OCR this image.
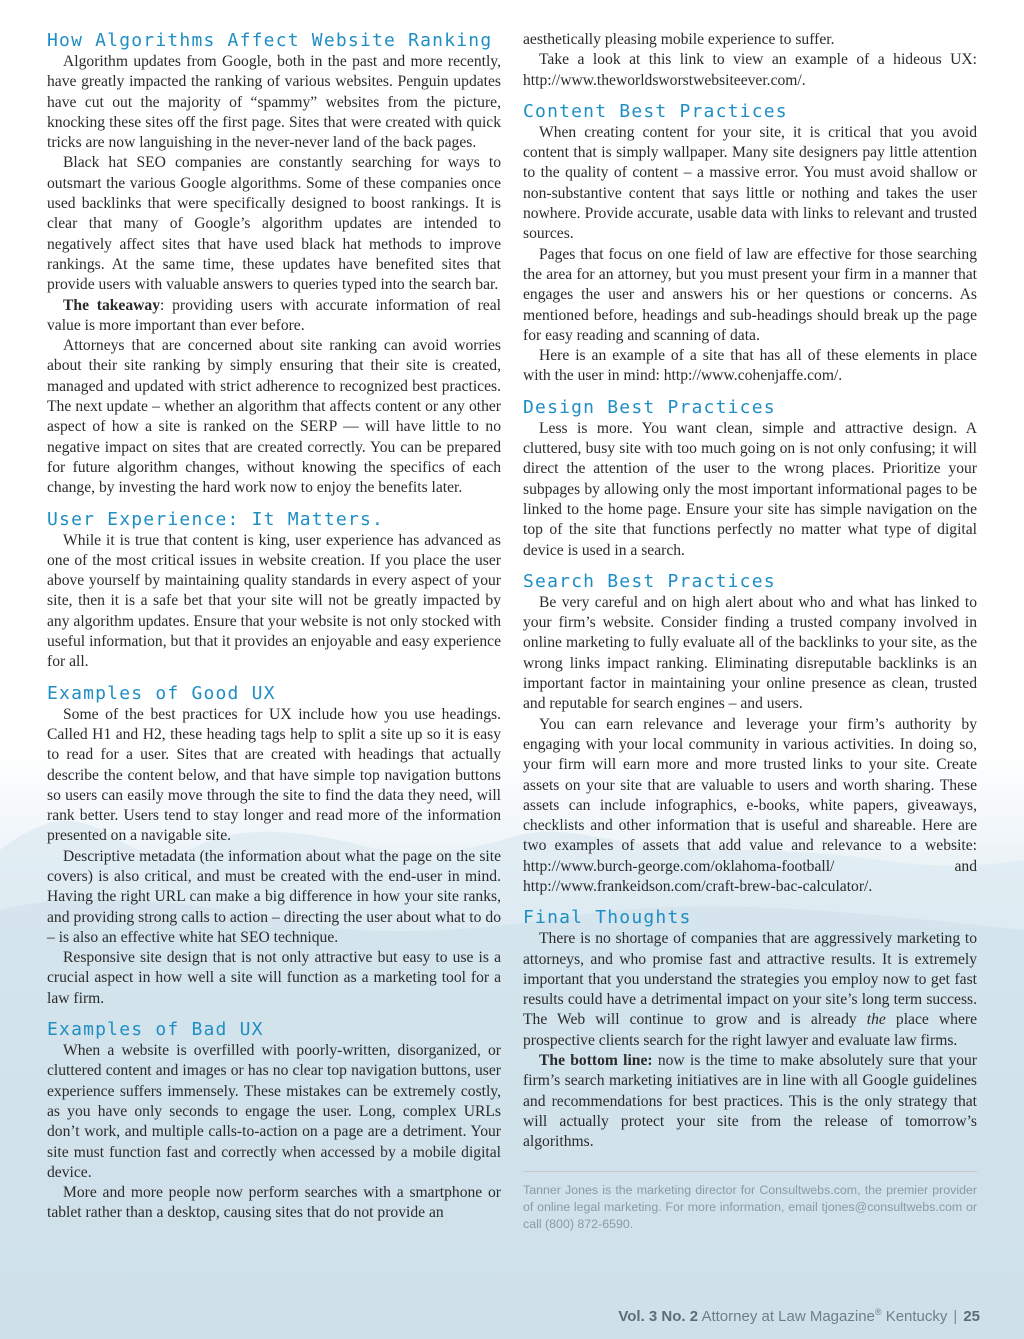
How Algorithms Affect Website Ranking

Algorithm updates from Google, both in the past and more recently, have greatly impacted the ranking of various websites. Penguin updates have cut out the majority of “spammy” websites from the picture, knocking these sites off the first page. Sites that were created with quick tricks are now languishing in the never-never land of the back pages.

Black hat SEO companies are constantly searching for ways to outsmart the various Google algorithms. Some of these companies once used backlinks that were specifically designed to boost rankings. It is clear that many of Google’s algorithm updates are intended to negatively affect sites that have used black hat methods to improve rankings. At the same time, these updates have benefited sites that provide users with valuable answers to queries typed into the search bar.

The takeaway: providing users with accurate information of real value is more important than ever before.

Attorneys that are concerned about site ranking can avoid worries about their site ranking by simply ensuring that their site is created, managed and updated with strict adherence to recognized best practices. The next update – whether an algorithm that affects content or any other aspect of how a site is ranked on the SERP — will have little to no negative impact on sites that are created correctly. You can be prepared for future algorithm changes, without knowing the specifics of each change, by investing the hard work now to enjoy the benefits later.

User Experience: It Matters.

While it is true that content is king, user experience has advanced as one of the most critical issues in website creation. If you place the user above yourself by maintaining quality standards in every aspect of your site, then it is a safe bet that your site will not be greatly impacted by any algorithm updates. Ensure that your website is not only stocked with useful information, but that it provides an enjoyable and easy experience for all.

Examples of Good UX

Some of the best practices for UX include how you use headings. Called H1 and H2, these heading tags help to split a site up so it is easy to read for a user. Sites that are created with headings that actually describe the content below, and that have simple top navigation buttons so users can easily move through the site to find the data they need, will rank better. Users tend to stay longer and read more of the information presented on a navigable site.

Descriptive metadata (the information about what the page on the site covers) is also critical, and must be created with the end-user in mind. Having the right URL can make a big difference in how your site ranks, and providing strong calls to action – directing the user about what to do – is also an effective white hat SEO technique.

Responsive site design that is not only attractive but easy to use is a crucial aspect in how well a site will function as a marketing tool for a law firm.

Examples of Bad UX

When a website is overfilled with poorly-written, disorganized, or cluttered content and images or has no clear top navigation buttons, user experience suffers immensely. These mistakes can be extremely costly, as you have only seconds to engage the user. Long, complex URLs don’t work, and multiple calls-to-action on a page are a detriment. Your site must function fast and correctly when accessed by a mobile digital device.

More and more people now perform searches with a smartphone or tablet rather than a desktop, causing sites that do not provide an

aesthetically pleasing mobile experience to suffer.

Take a look at this link to view an example of a hideous UX: http://www.theworldsworstwebsiteever.com/.

Content Best Practices

When creating content for your site, it is critical that you avoid content that is simply wallpaper. Many site designers pay little attention to the quality of content – a massive error. You must avoid shallow or non-substantive content that says little or nothing and takes the user nowhere. Provide accurate, usable data with links to relevant and trusted sources.

Pages that focus on one field of law are effective for those searching the area for an attorney, but you must present your firm in a manner that engages the user and answers his or her questions or concerns. As mentioned before, headings and sub-headings should break up the page for easy reading and scanning of data.

Here is an example of a site that has all of these elements in place with the user in mind: http://www.cohenjaffe.com/.

Design Best Practices

Less is more. You want clean, simple and attractive design. A cluttered, busy site with too much going on is not only confusing; it will direct the attention of the user to the wrong places. Prioritize your subpages by allowing only the most important informational pages to be linked to the home page. Ensure your site has simple navigation on the top of the site that functions perfectly no matter what type of digital device is used in a search.

Search Best Practices

Be very careful and on high alert about who and what has linked to your firm’s website. Consider finding a trusted company involved in online marketing to fully evaluate all of the backlinks to your site, as the wrong links impact ranking. Eliminating disreputable backlinks is an important factor in maintaining your online presence as clean, trusted and reputable for search engines – and users.

You can earn relevance and leverage your firm’s authority by engaging with your local community in various activities. In doing so, your firm will earn more and more trusted links to your site. Create assets on your site that are valuable to users and worth sharing. These assets can include infographics, e-books, white papers, giveaways, checklists and other information that is useful and shareable. Here are two examples of assets that add value and relevance to a website: http://www.burch-george.com/oklahoma-football/ and http://www.frankeidson.com/craft-brew-bac-calculator/.

Final Thoughts

There is no shortage of companies that are aggressively marketing to attorneys, and who promise fast and attractive results. It is extremely important that you understand the strategies you employ now to get fast results could have a detrimental impact on your site’s long term success. The Web will continue to grow and is already the place where prospective clients search for the right lawyer and evaluate law firms.

The bottom line: now is the time to make absolutely sure that your firm’s search marketing initiatives are in line with all Google guidelines and recommendations for best practices. This is the only strategy that will actually protect your site from the release of tomorrow’s algorithms.

Tanner Jones is the marketing director for Consultwebs.com, the premier provider of online legal marketing. For more information, email tjones@consultwebs.com or call (800) 872-6590.
Vol. 3 No. 2 Attorney at Law Magazine® Kentucky | 25
